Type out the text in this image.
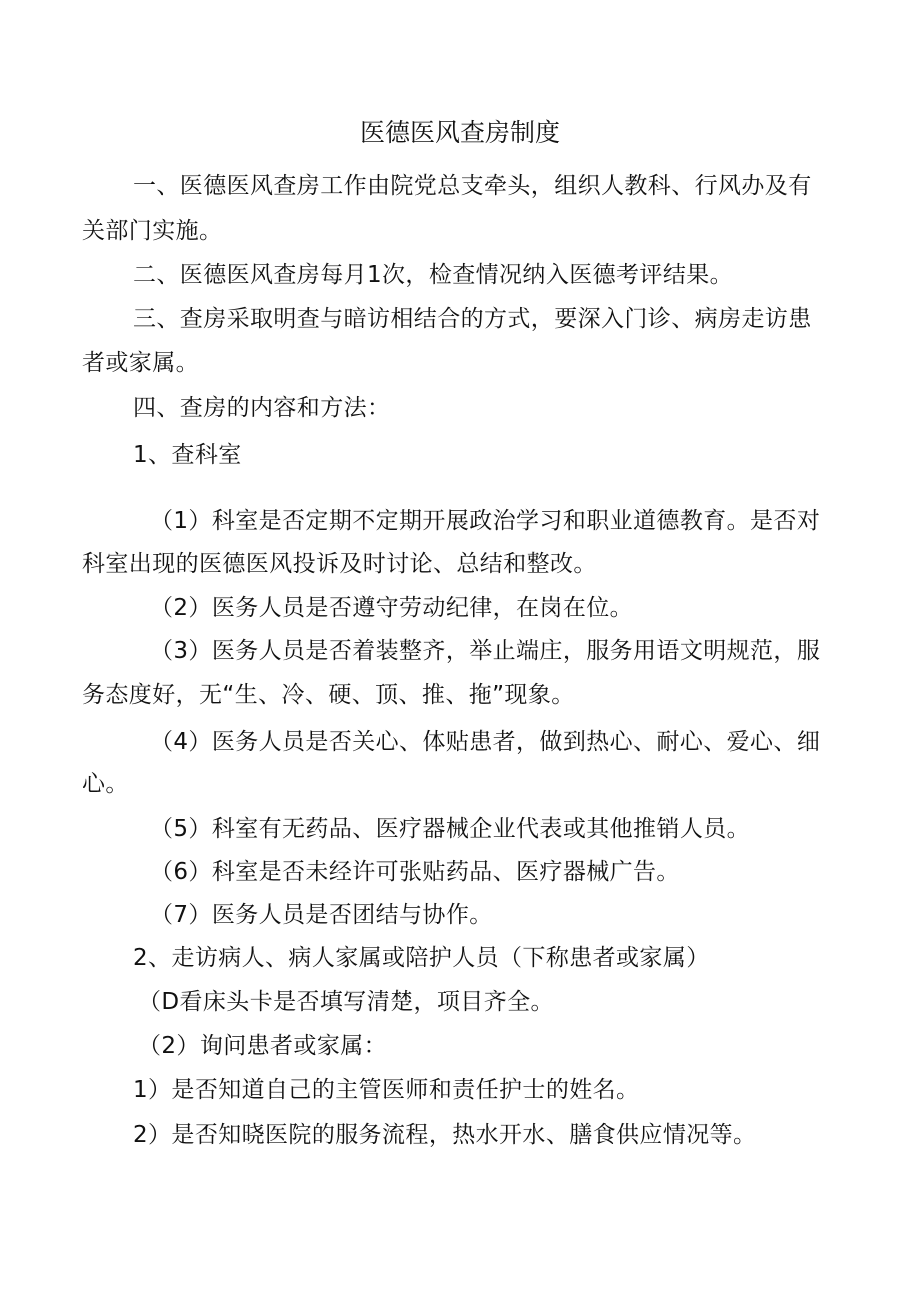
医德医风查房制度
一、医德医风查房工作由院党总支牵头，组织人教科、行风办及有
关部门实施。
二、医德医风查房每月1次，检查情况纳入医德考评结果。
三、查房采取明查与暗访相结合的方式，要深入门诊、病房走访患
者或家属。
四、查房的内容和方法：
1、查科室
（1）科室是否定期不定期开展政治学习和职业道德教育。是否对
科室出现的医德医风投诉及时讨论、总结和整改。
（2）医务人员是否遵守劳动纪律，在岗在位。
（3）医务人员是否着装整齐，举止端庄，服务用语文明规范，服
务态度好，无“生、冷、硬、顶、推、拖”现象。
（4）医务人员是否关心、体贴患者，做到热心、耐心、爱心、细
心。
（5）科室有无药品、医疗器械企业代表或其他推销人员。
（6）科室是否未经许可张贴药品、医疗器械广告。
（7）医务人员是否团结与协作。
2、走访病人、病人家属或陪护人员（下称患者或家属）
（D看床头卡是否填写清楚，项目齐全。
（2）询问患者或家属：
1）是否知道自己的主管医师和责任护士的姓名。
2）是否知晓医院的服务流程，热水开水、膳食供应情况等。
